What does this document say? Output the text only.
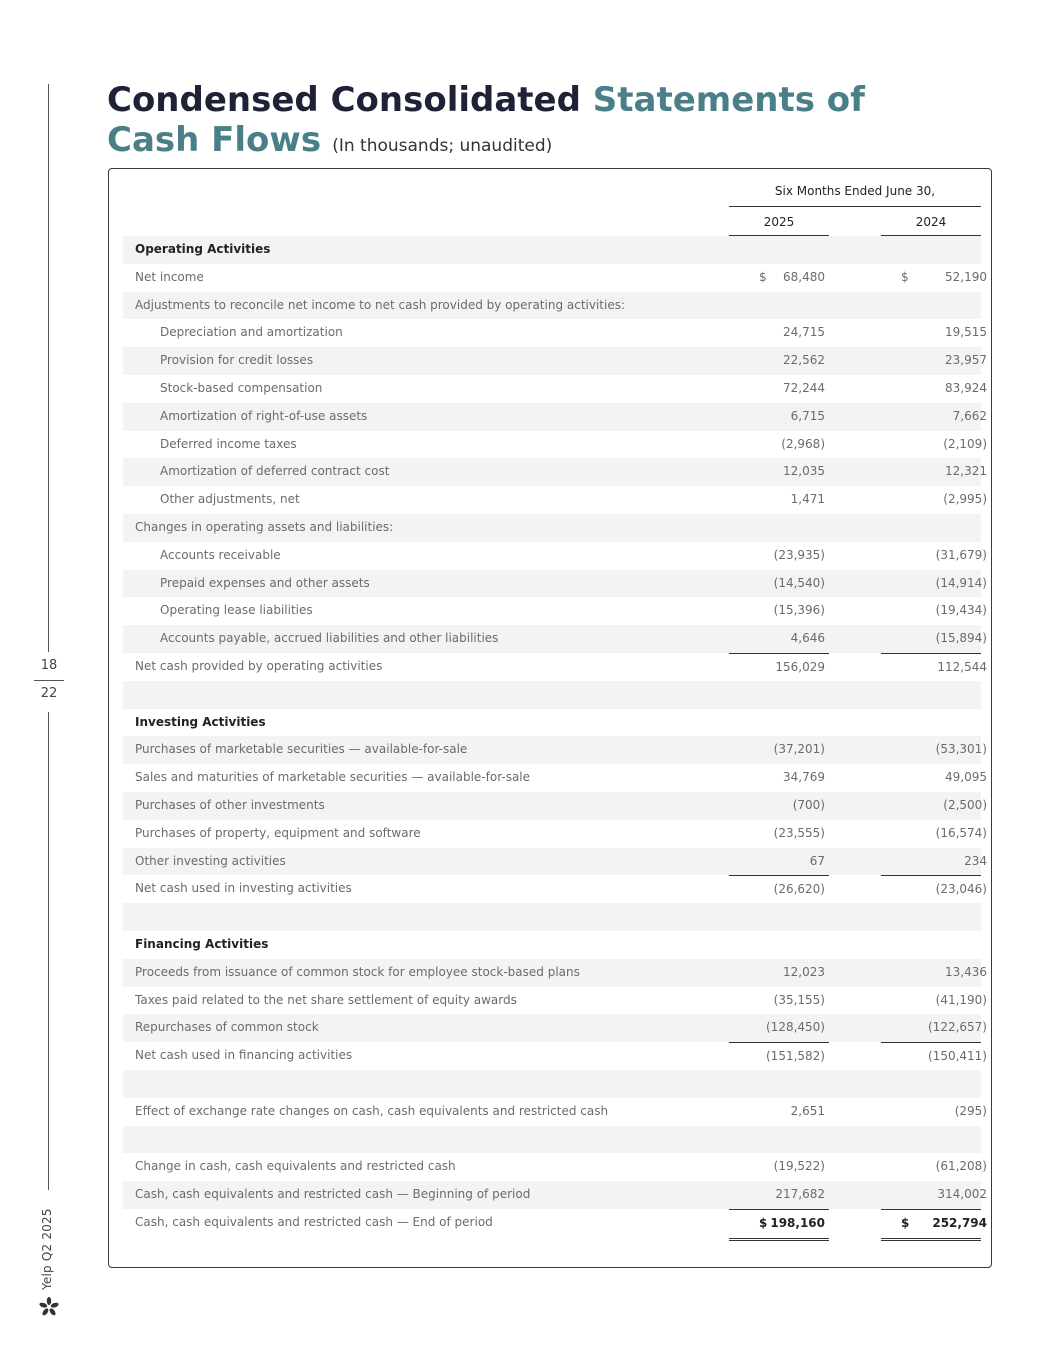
18
22
Yelp Q2 2025
Condensed Consolidated Statements of
Cash Flows (In thousands; unaudited)
Six Months Ended June 30,
2025	2024
Operating Activities
Net income	$ 68,480	$	52,190
Adjustments to reconcile net income to net cash provided by operating activities:
Depreciation and amortization	24,715	19,515
Provision for credit losses	22,562	23,957
Stock-based compensation	72,244	83,924
Amortization of right-of-use assets	6,715	7,662
Deferred income taxes	(2,968)	(2,109)
Amortization of deferred contract cost	12,035	12,321
Other adjustments, net	1,471	(2,995)
Changes in operating assets and liabilities:
Accounts receivable	(23,935)	(31,679)
Prepaid expenses and other assets	(14,540)	(14,914)
Operating lease liabilities	(15,396)	(19,434)
Accounts payable, accrued liabilities and other liabilities	4,646	(15,894)
Net cash provided by operating activities	156,029	112,544
Investing Activities
Purchases of marketable securities — available-for-sale	(37,201)	(53,301)
Sales and maturities of marketable securities — available-for-sale	34,769	49,095
Purchases of other investments	(700)	(2,500)
Purchases of property, equipment and software	(23,555)	(16,574)
Other investing activities	67	234
Net cash used in investing activities	(26,620)	(23,046)
Financing Activities
Proceeds from issuance of common stock for employee stock-based plans	12,023	13,436
Taxes paid related to the net share settlement of equity awards	(35,155)	(41,190)
Repurchases of common stock	(128,450)	(122,657)
Net cash used in financing activities	(151,582)	(150,411)
Effect of exchange rate changes on cash, cash equivalents and restricted cash	2,651	(295)
Change in cash, cash equivalents and restricted cash	(19,522)	(61,208)
Cash, cash equivalents and restricted cash — Beginning of period	217,682	314,002
Cash, cash equivalents and restricted cash — End of period	$ 198,160	$ 252,794
